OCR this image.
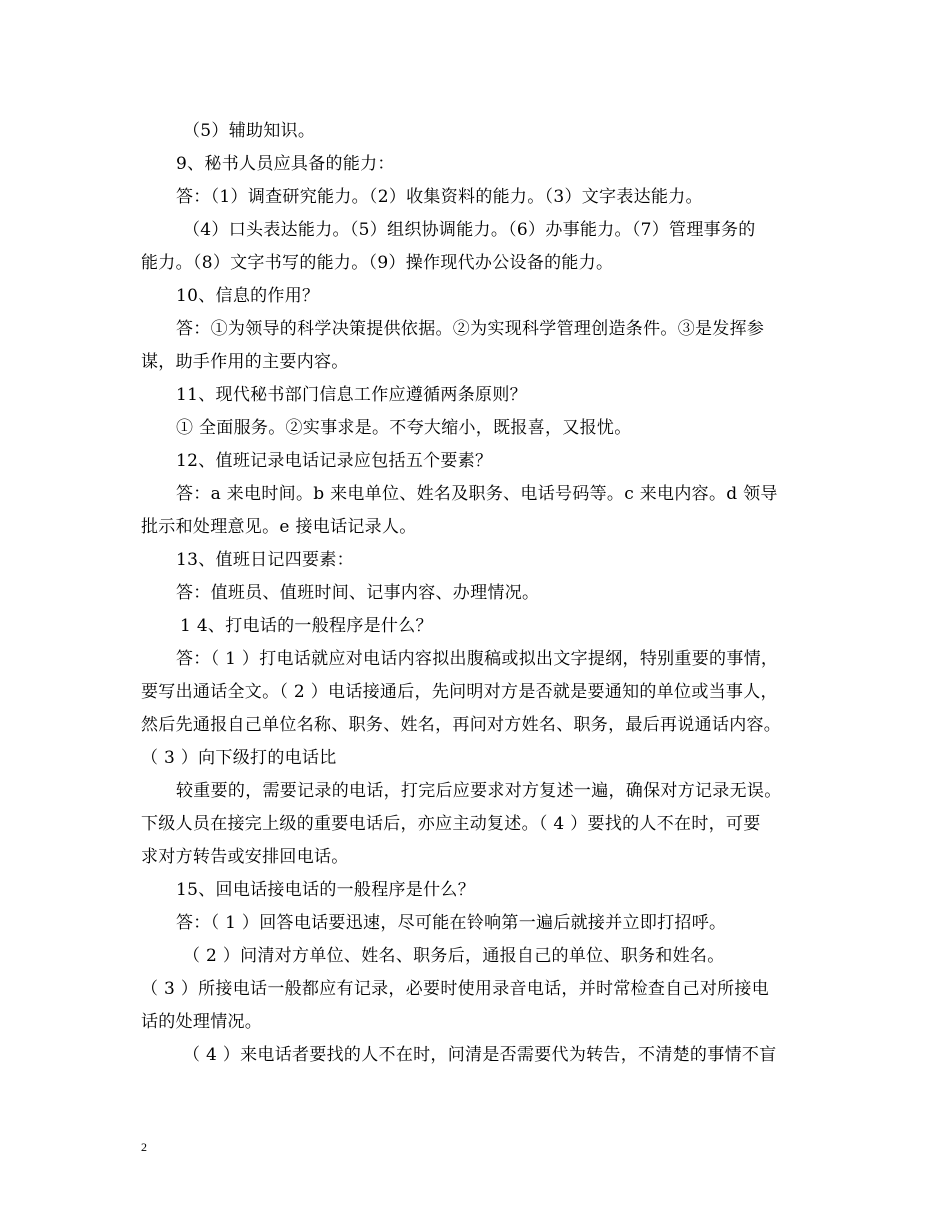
（5）辅助知识。
9、秘书人员应具备的能力：
答：（1）调查研究能力。（2）收集资料的能力。（3）文字表达能力。
（4）口头表达能力。（5）组织协调能力。（6）办事能力。（7）管理事务的
能力。（8）文字书写的能力。（9）操作现代办公设备的能力。
10、信息的作用？
答：①为领导的科学决策提供依据。②为实现科学管理创造条件。③是发挥参
谋，助手作用的主要内容。
11、现代秘书部门信息工作应遵循两条原则？
① 全面服务。②实事求是。不夸大缩小，既报喜，又报忧。
12、值班记录电话记录应包括五个要素？
答：a 来电时间。b 来电单位、姓名及职务、电话号码等。c 来电内容。d 领导
批示和处理意见。e 接电话记录人。
13、值班日记四要素：
答：值班员、值班时间、记事内容、办理情况。
1 4、打电话的一般程序是什么？
答：（ 1 ）打电话就应对电话内容拟出腹稿或拟出文字提纲，特别重要的事情，
要写出通话全文。（ 2 ）电话接通后，先问明对方是否就是要通知的单位或当事人，
然后先通报自己单位名称、职务、姓名，再问对方姓名、职务，最后再说通话内容。
（ 3 ）向下级打的电话比
较重要的，需要记录的电话，打完后应要求对方复述一遍，确保对方记录无误。
下级人员在接完上级的重要电话后，亦应主动复述。（ 4 ）要找的人不在时，可要
求对方转告或安排回电话。
15、回电话接电话的一般程序是什么？
答：（ 1 ）回答电话要迅速，尽可能在铃响第一遍后就接并立即打招呼。
（ 2 ）问清对方单位、姓名、职务后，通报自己的单位、职务和姓名。
（ 3 ）所接电话一般都应有记录，必要时使用录音电话，并时常检查自己对所接电
话的处理情况。
（ 4 ）来电话者要找的人不在时，问清是否需要代为转告，不清楚的事情不盲
2
